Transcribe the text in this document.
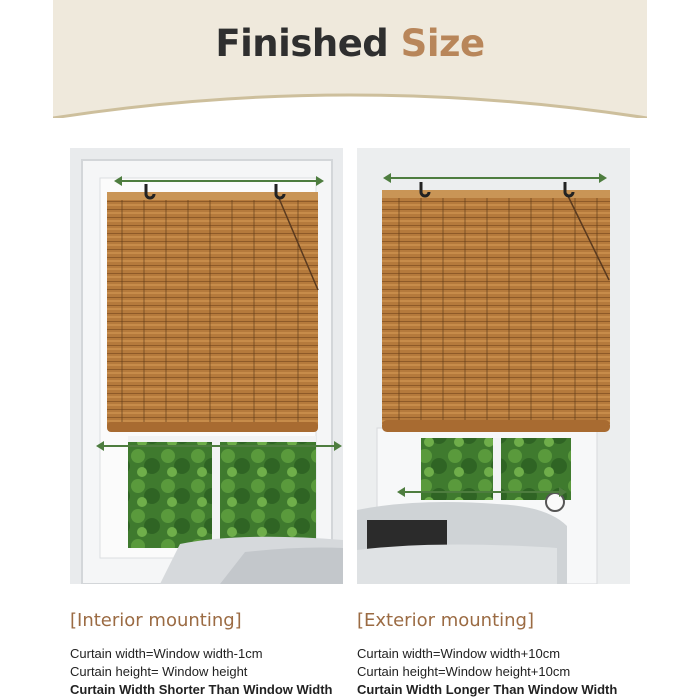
Finished Size
[Interior mounting]
Curtain width=Window width-1cm
Curtain height= Window height
Curtain Width Shorter Than Window Width
[Exterior mounting]
Curtain width=Window width+10cm
Curtain height=Window height+10cm
Curtain Width Longer Than Window Width
